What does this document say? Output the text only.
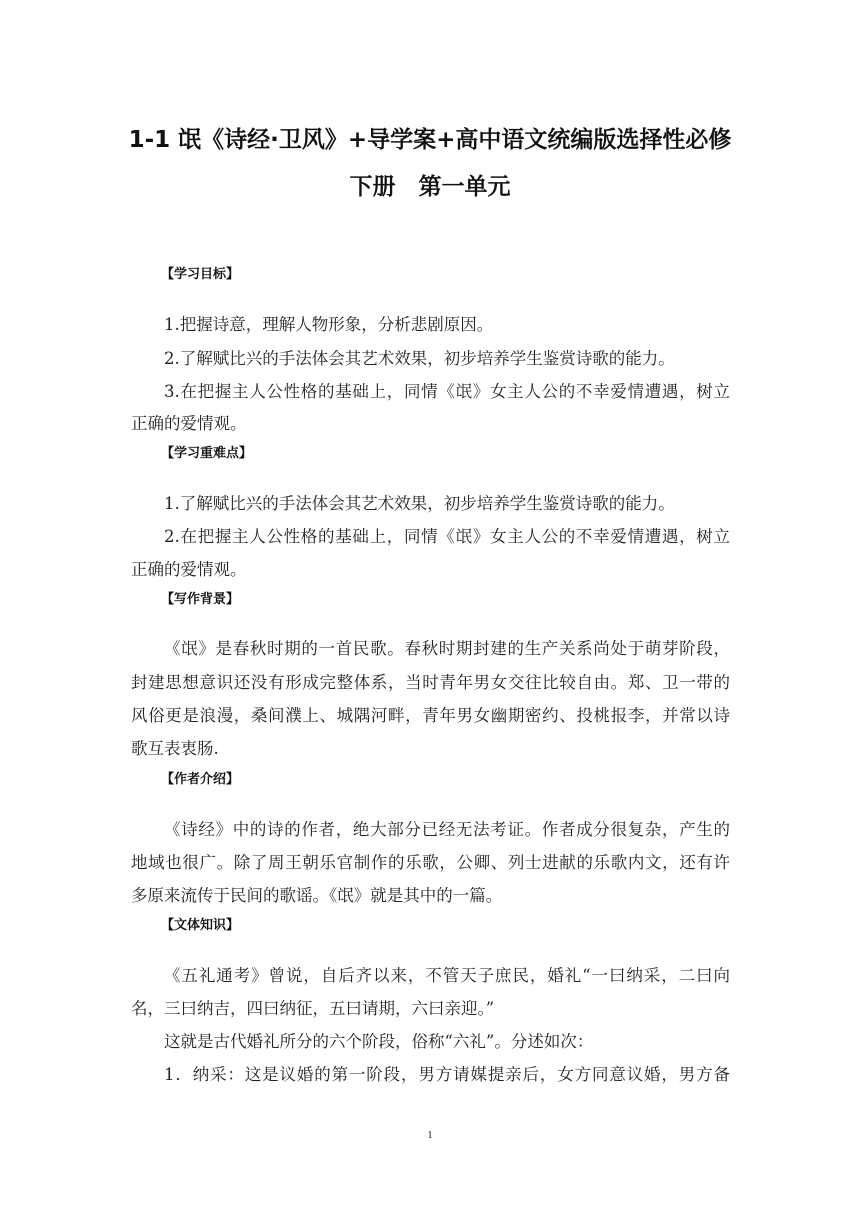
1-1 氓《诗经·卫风》+导学案+高中语文统编版选择性必修
下册　第一单元
【学习目标】
1.把握诗意，理解人物形象，分析悲剧原因。
2.了解赋比兴的手法体会其艺术效果，初步培养学生鉴赏诗歌的能力。
3.在把握主人公性格的基础上，同情《氓》女主人公的不幸爱情遭遇，树立
正确的爱情观。
【学习重难点】
1.了解赋比兴的手法体会其艺术效果，初步培养学生鉴赏诗歌的能力。
2.在把握主人公性格的基础上，同情《氓》女主人公的不幸爱情遭遇，树立
正确的爱情观。
【写作背景】
《氓》是春秋时期的一首民歌。春秋时期封建的生产关系尚处于萌芽阶段，
封建思想意识还没有形成完整体系，当时青年男女交往比较自由。郑、卫一带的
风俗更是浪漫，桑间濮上、城隅河畔，青年男女幽期密约、投桃报李，并常以诗
歌互表衷肠.
【作者介绍】
《诗经》中的诗的作者，绝大部分已经无法考证。作者成分很复杂，产生的
地域也很广。除了周王朝乐官制作的乐歌，公卿、列士进献的乐歌内文，还有许
多原来流传于民间的歌谣。《氓》就是其中的一篇。
【文体知识】
《五礼通考》曾说，自后齐以来，不管天子庶民，婚礼“一曰纳采，二曰向
名，三曰纳吉，四曰纳征，五曰请期，六曰亲迎。”
这就是古代婚礼所分的六个阶段，俗称“六礼”。分述如次：
1．纳采：这是议婚的第一阶段，男方请媒提亲后，女方同意议婚，男方备
1
